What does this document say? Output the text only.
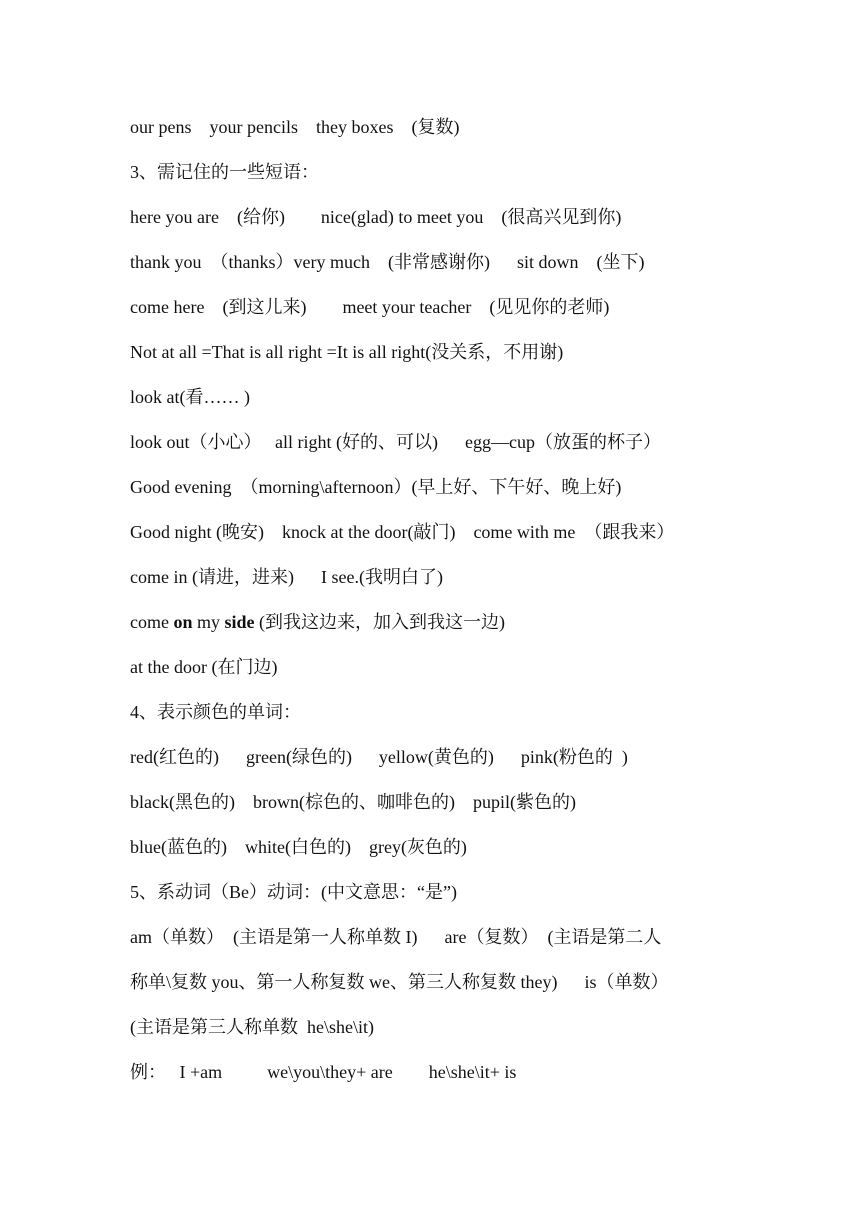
our pens    your pencils    they boxes    (复数)
3、需记住的一些短语：
here you are    (给你)        nice(glad) to meet you    (很高兴见到你)
thank you  （thanks）very much    (非常感谢你)      sit down    (坐下)
come here    (到这儿来)        meet your teacher    (见见你的老师)
Not at all =That is all right =It is all right(没关系，不用谢)
look at(看…… )
look out（小心）   all right (好的、可以)      egg—cup（放蛋的杯子）
Good evening  （morning\afternoon）(早上好、下午好、晚上好)
Good night (晚安)    knock at the door(敲门)    come with me  （跟我来）
come in (请进，进来)      I see.(我明白了)
come on my side (到我这边来，加入到我这一边)
at the door (在门边)
4、表示颜色的单词：
red(红色的)      green(绿色的)      yellow(黄色的)      pink(粉色的  )
black(黑色的)    brown(棕色的、咖啡色的)    pupil(紫色的)
blue(蓝色的)    white(白色的)    grey(灰色的)
5、系动词（Be）动词：(中文意思：“是”)
am（单数）  (主语是第一人称单数 I)      are（复数）  (主语是第二人
称单\复数 you、第一人称复数 we、第三人称复数 they)      is（单数）
(主语是第三人称单数  he\she\it)
例：   I +am          we\you\they+ are        he\she\it+ is
